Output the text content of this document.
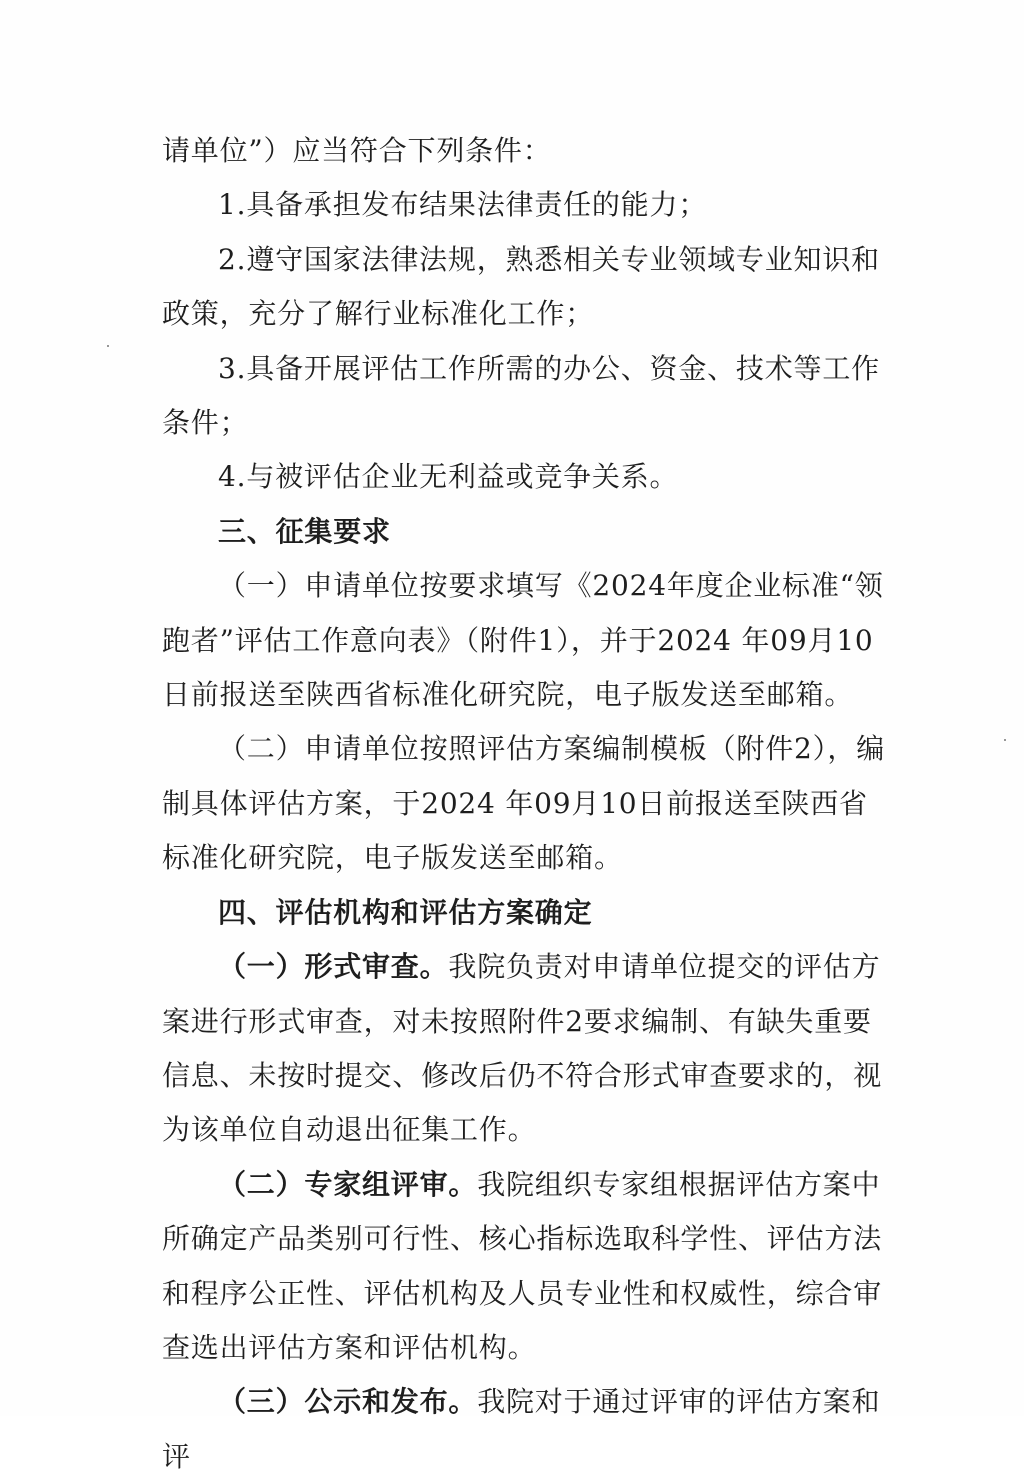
请单位”）应当符合下列条件：

1.具备承担发布结果法律责任的能力；

2.遵守国家法律法规，熟悉相关专业领域专业知识和政策，充分了解行业标准化工作；

3.具备开展评估工作所需的办公、资金、技术等工作条件；

4.与被评估企业无利益或竞争关系。

三、征集要求

（一）申请单位按要求填写《2024年度企业标准“领跑者”评估工作意向表》（附件1），并于2024 年09月10日前报送至陕西省标准化研究院，电子版发送至邮箱。

（二）申请单位按照评估方案编制模板（附件2），编制具体评估方案，于2024 年09月10日前报送至陕西省标准化研究院，电子版发送至邮箱。

四、评估机构和评估方案确定

（一）形式审查。我院负责对申请单位提交的评估方案进行形式审查，对未按照附件2要求编制、有缺失重要信息、未按时提交、修改后仍不符合形式审查要求的，视为该单位自动退出征集工作。

（二）专家组评审。我院组织专家组根据评估方案中所确定产品类别可行性、核心指标选取科学性、评估方法和程序公正性、评估机构及人员专业性和权威性，综合审查选出评估方案和评估机构。

（三）公示和发布。我院对于通过评审的评估方案和评
